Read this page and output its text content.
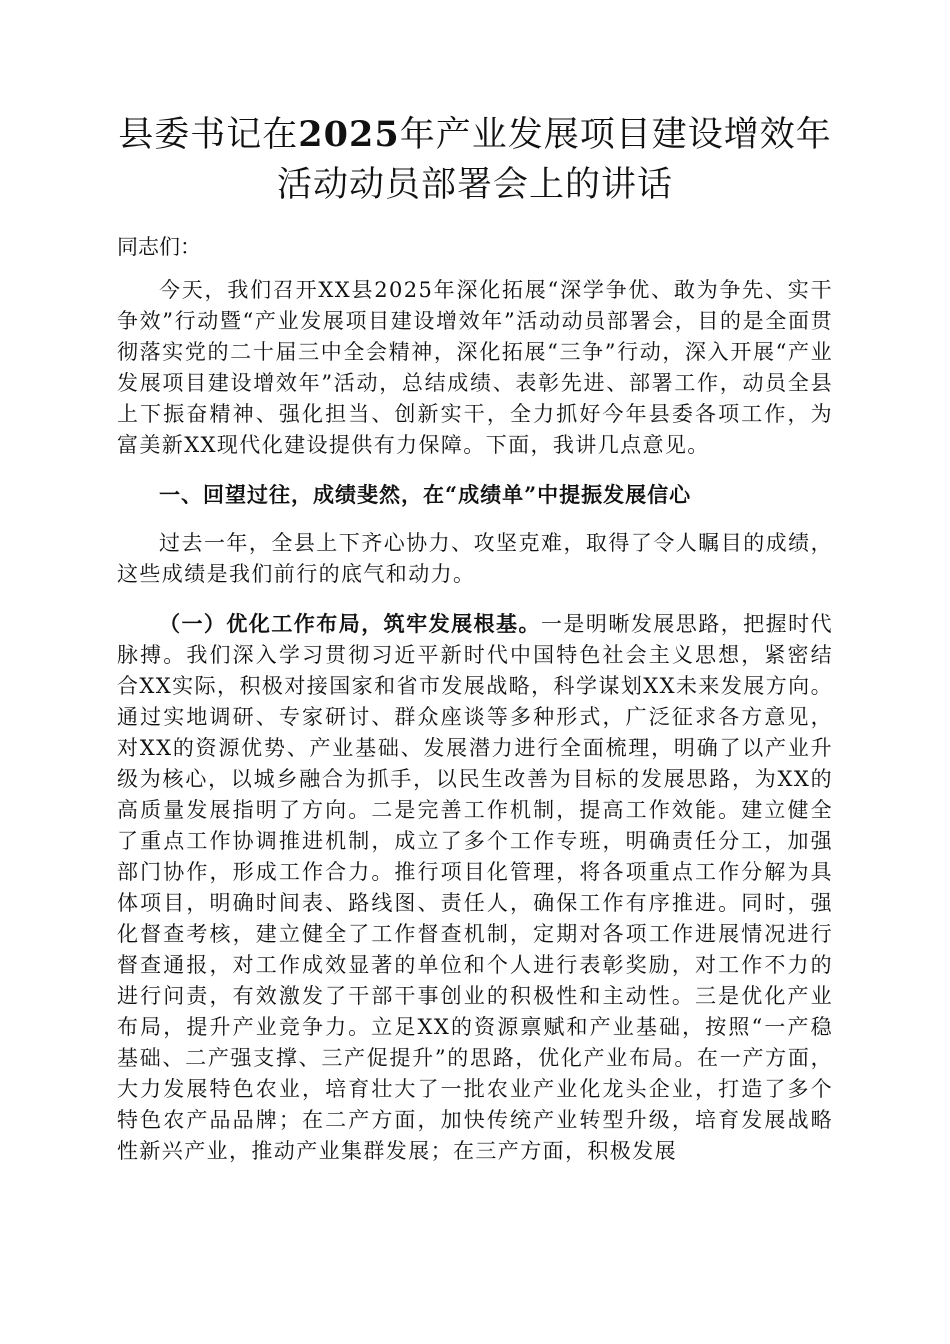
县委书记在2025年产业发展项目建设增效年活动动员部署会上的讲话

同志们：

今天，我们召开XX县2025年深化拓展“深学争优、敢为争先、实干争效”行动暨“产业发展项目建设增效年”活动动员部署会，目的是全面贯彻落实党的二十届三中全会精神，深化拓展“三争”行动，深入开展“产业发展项目建设增效年”活动，总结成绩、表彰先进、部署工作，动员全县上下振奋精神、强化担当、创新实干，全力抓好今年县委各项工作，为富美新XX现代化建设提供有力保障。下面，我讲几点意见。

一、回望过往，成绩斐然，在“成绩单”中提振发展信心

过去一年，全县上下齐心协力、攻坚克难，取得了令人瞩目的成绩，这些成绩是我们前行的底气和动力。

（一）优化工作布局，筑牢发展根基。一是明晰发展思路，把握时代脉搏。我们深入学习贯彻习近平新时代中国特色社会主义思想，紧密结合XX实际，积极对接国家和省市发展战略，科学谋划XX未来发展方向。通过实地调研、专家研讨、群众座谈等多种形式，广泛征求各方意见，对XX的资源优势、产业基础、发展潜力进行全面梳理，明确了以产业升级为核心，以城乡融合为抓手，以民生改善为目标的发展思路，为XX的高质量发展指明了方向。二是完善工作机制，提高工作效能。建立健全了重点工作协调推进机制，成立了多个工作专班，明确责任分工，加强部门协作，形成工作合力。推行项目化管理，将各项重点工作分解为具体项目，明确时间表、路线图、责任人，确保工作有序推进。同时，强化督查考核，建立健全了工作督查机制，定期对各项工作进展情况进行督查通报，对工作成效显著的单位和个人进行表彰奖励，对工作不力的进行问责，有效激发了干部干事创业的积极性和主动性。三是优化产业布局，提升产业竞争力。立足XX的资源禀赋和产业基础，按照“一产稳基础、二产强支撑、三产促提升”的思路，优化产业布局。在一产方面，大力发展特色农业，培育壮大了一批农业产业化龙头企业，打造了多个特色农产品品牌；在二产方面，加快传统产业转型升级，培育发展战略性新兴产业，推动产业集群发展；在三产方面，积极发展
